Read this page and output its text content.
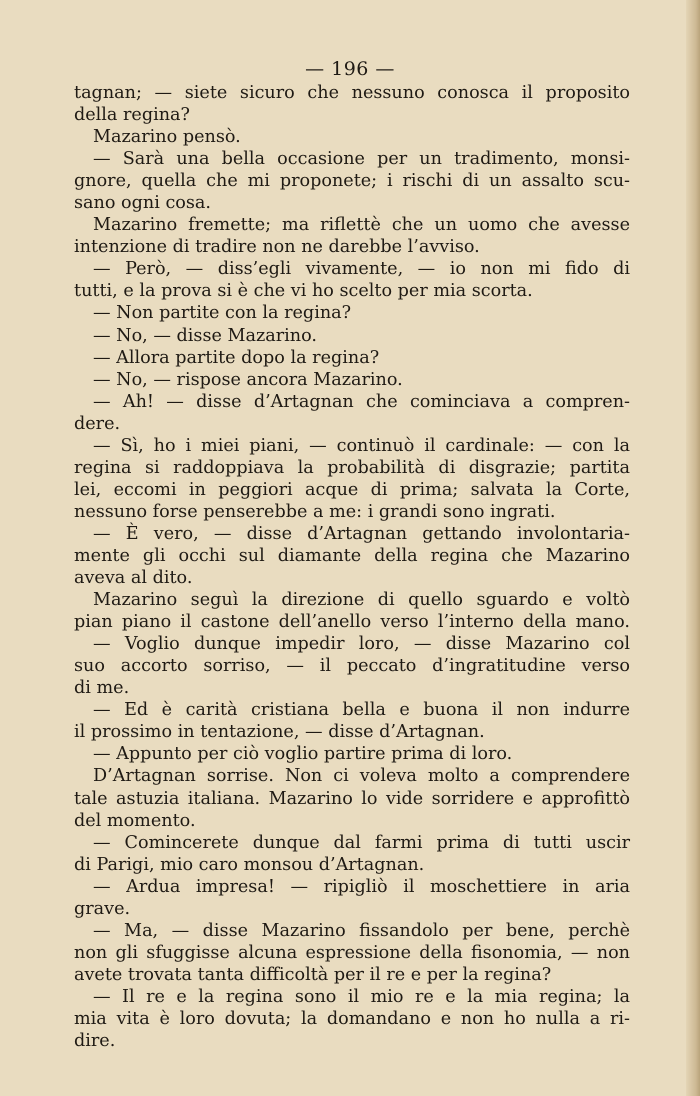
— 196 —
tagnan; — siete sicuro che nessuno conosca il proposito
della regina?
Mazarino pensò.
— Sarà una bella occasione per un tradimento, monsi-
gnore, quella che mi proponete; i rischi di un assalto scu-
sano ogni cosa.
Mazarino fremette; ma riflettè che un uomo che avesse
intenzione di tradire non ne darebbe l’avviso.
— Però, — diss’egli vivamente, — io non mi fido di
tutti, e la prova si è che vi ho scelto per mia scorta.
— Non partite con la regina?
— No, — disse Mazarino.
— Allora partite dopo la regina?
— No, — rispose ancora Mazarino.
— Ah! — disse d’Artagnan che cominciava a compren-
dere.
— Sì, ho i miei piani, — continuò il cardinale: — con la
regina si raddoppiava la probabilità di disgrazie; partita
lei, eccomi in peggiori acque di prima; salvata la Corte,
nessuno forse penserebbe a me: i grandi sono ingrati.
— È vero, — disse d’Artagnan gettando involontaria-
mente gli occhi sul diamante della regina che Mazarino
aveva al dito.
Mazarino seguì la direzione di quello sguardo e voltò
pian piano il castone dell’anello verso l’interno della mano.
— Voglio dunque impedir loro, — disse Mazarino col
suo accorto sorriso, — il peccato d’ingratitudine verso
di me.
— Ed è carità cristiana bella e buona il non indurre
il prossimo in tentazione, — disse d’Artagnan.
— Appunto per ciò voglio partire prima di loro.
D’Artagnan sorrise. Non ci voleva molto a comprendere
tale astuzia italiana. Mazarino lo vide sorridere e approfittò
del momento.
— Comincerete dunque dal farmi prima di tutti uscir
di Parigi, mio caro monsou d’Artagnan.
— Ardua impresa! — ripigliò il moschettiere in aria
grave.
— Ma, — disse Mazarino fissandolo per bene, perchè
non gli sfuggisse alcuna espressione della fisonomia, — non
avete trovata tanta difficoltà per il re e per la regina?
— Il re e la regina sono il mio re e la mia regina; la
mia vita è loro dovuta; la domandano e non ho nulla a ri-
dire.
